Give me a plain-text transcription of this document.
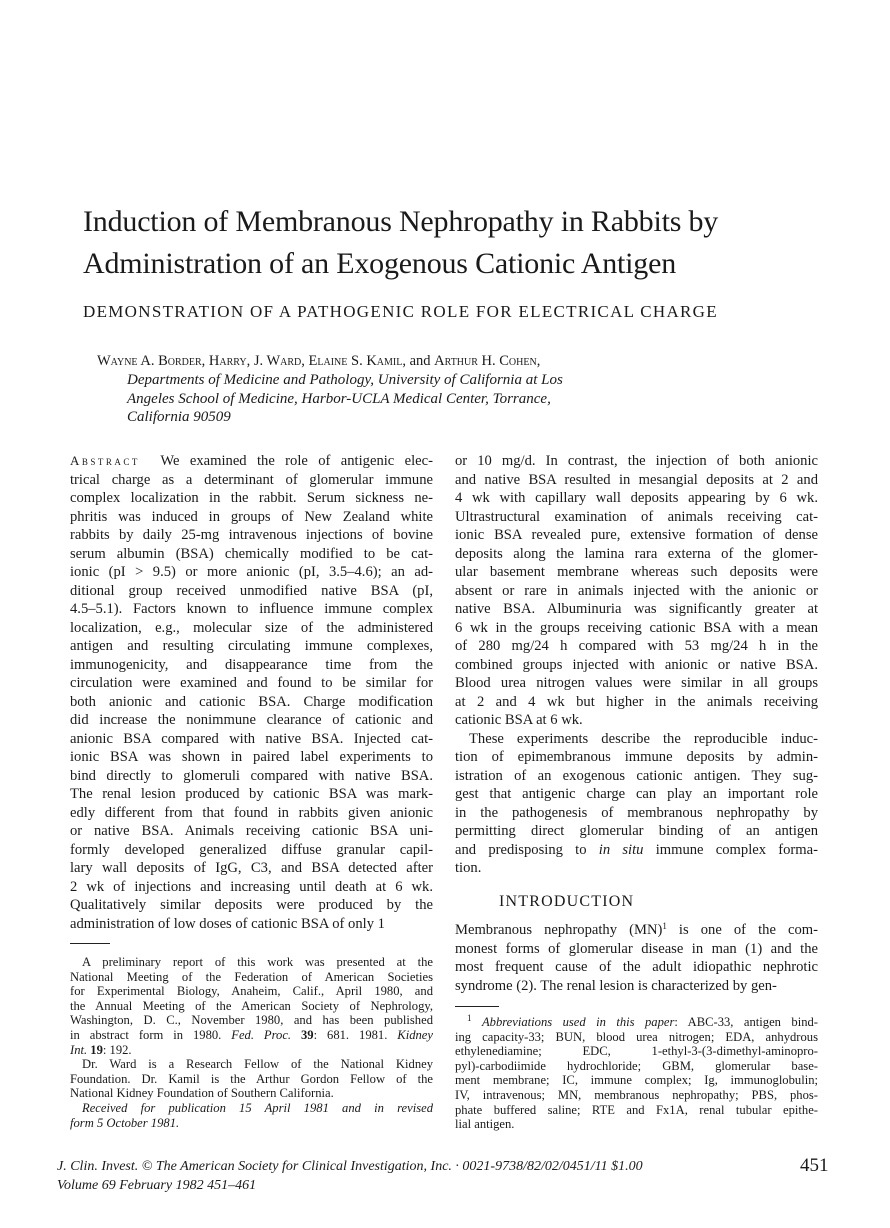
Induction of Membranous Nephropathy in Rabbits by
Administration of an Exogenous Cationic Antigen
DEMONSTRATION OF A PATHOGENIC ROLE FOR ELECTRICAL CHARGE
Wayne A. Border, Harry, J. Ward, Elaine S. Kamil, and Arthur H. Cohen,
Departments of Medicine and Pathology, University of California at Los
Angeles School of Medicine, Harbor-UCLA Medical Center, Torrance,
California 90509
Abstract  We examined the role of antigenic elec-
trical charge as a determinant of glomerular immune
complex localization in the rabbit. Serum sickness ne-
phritis was induced in groups of New Zealand white
rabbits by daily 25-mg intravenous injections of bovine
serum albumin (BSA) chemically modified to be cat-
ionic (pI > 9.5) or more anionic (pI, 3.5–4.6); an ad-
ditional group received unmodified native BSA (pI,
4.5–5.1). Factors known to influence immune complex
localization, e.g., molecular size of the administered
antigen and resulting circulating immune complexes,
immunogenicity, and disappearance time from the
circulation were examined and found to be similar for
both anionic and cationic BSA. Charge modification
did increase the nonimmune clearance of cationic and
anionic BSA compared with native BSA. Injected cat-
ionic BSA was shown in paired label experiments to
bind directly to glomeruli compared with native BSA.
The renal lesion produced by cationic BSA was mark-
edly different from that found in rabbits given anionic
or native BSA. Animals receiving cationic BSA uni-
formly developed generalized diffuse granular capil-
lary wall deposits of IgG, C3, and BSA detected after
2 wk of injections and increasing until death at 6 wk.
Qualitatively similar deposits were produced by the
administration of low doses of cationic BSA of only 1
or 10 mg/d. In contrast, the injection of both anionic
and native BSA resulted in mesangial deposits at 2 and
4 wk with capillary wall deposits appearing by 6 wk.
Ultrastructural examination of animals receiving cat-
ionic BSA revealed pure, extensive formation of dense
deposits along the lamina rara externa of the glomer-
ular basement membrane whereas such deposits were
absent or rare in animals injected with the anionic or
native BSA. Albuminuria was significantly greater at
6 wk in the groups receiving cationic BSA with a mean
of 280 mg/24 h compared with 53 mg/24 h in the
combined groups injected with anionic or native BSA.
Blood urea nitrogen values were similar in all groups
at 2 and 4 wk but higher in the animals receiving
cationic BSA at 6 wk.
These experiments describe the reproducible induc-
tion of epimembranous immune deposits by admin-
istration of an exogenous cationic antigen. They sug-
gest that antigenic charge can play an important role
in the pathogenesis of membranous nephropathy by
permitting direct glomerular binding of an antigen
and predisposing to in situ immune complex forma-
tion.
INTRODUCTION
Membranous nephropathy (MN)$^1$ is one of the com-
monest forms of glomerular disease in man (1) and the
most frequent cause of the adult idiopathic nephrotic
syndrome (2). The renal lesion is characterized by gen-
A preliminary report of this work was presented at the
National Meeting of the Federation of American Societies
for Experimental Biology, Anaheim, Calif., April 1980, and
the Annual Meeting of the American Society of Nephrology,
Washington, D. C., November 1980, and has been published
in abstract form in 1980. Fed. Proc. 39: 681. 1981. Kidney
Int. 19: 192.
Dr. Ward is a Research Fellow of the National Kidney
Foundation. Dr. Kamil is the Arthur Gordon Fellow of the
National Kidney Foundation of Southern California.
Received for publication 15 April 1981 and in revised
form 5 October 1981.
$^1$ Abbreviations used in this paper: ABC-33, antigen bind-
ing capacity-33; BUN, blood urea nitrogen; EDA, anhydrous
ethylenediamine; EDC, 1-ethyl-3-(3-dimethyl-aminopro-
pyl)-carbodiimide hydrochloride; GBM, glomerular base-
ment membrane; IC, immune complex; Ig, immunoglobulin;
IV, intravenous; MN, membranous nephropathy; PBS, phos-
phate buffered saline; RTE and Fx1A, renal tubular epithe-
lial antigen.
J. Clin. Invest. © The American Society for Clinical Investigation, Inc. · 0021-9738/82/02/0451/11 $1.00
Volume 69 February 1982 451–461
451
